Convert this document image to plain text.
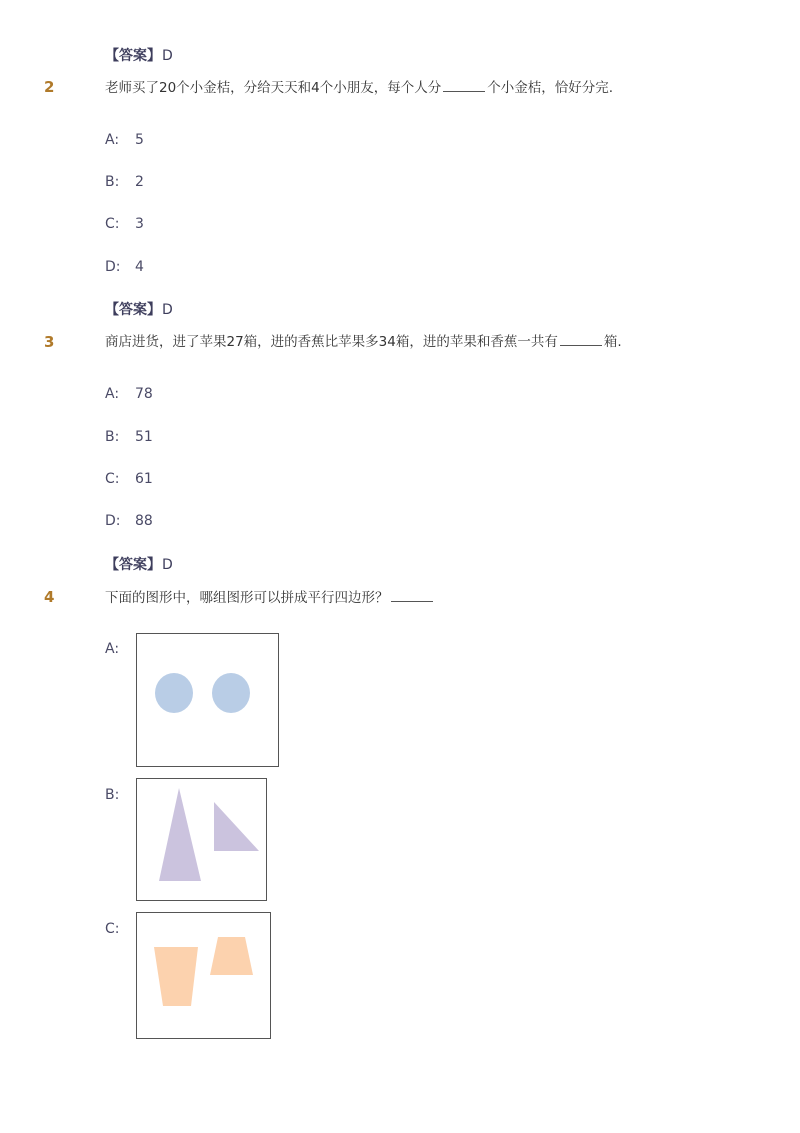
【答案】D
2	老师买了20个小金桔，分给天天和4个小朋友，每个人分	个小金桔，恰好分完.
A: 5
B: 2
C: 3
D: 4
【答案】D
3	商店进货，进了苹果27箱，进的香蕉比苹果多34箱，进的苹果和香蕉一共有	箱.
A: 78
B: 51
C: 61
D: 88
【答案】D
4	下面的图形中，哪组图形可以拼成平行四边形？
A:
B:
C:
